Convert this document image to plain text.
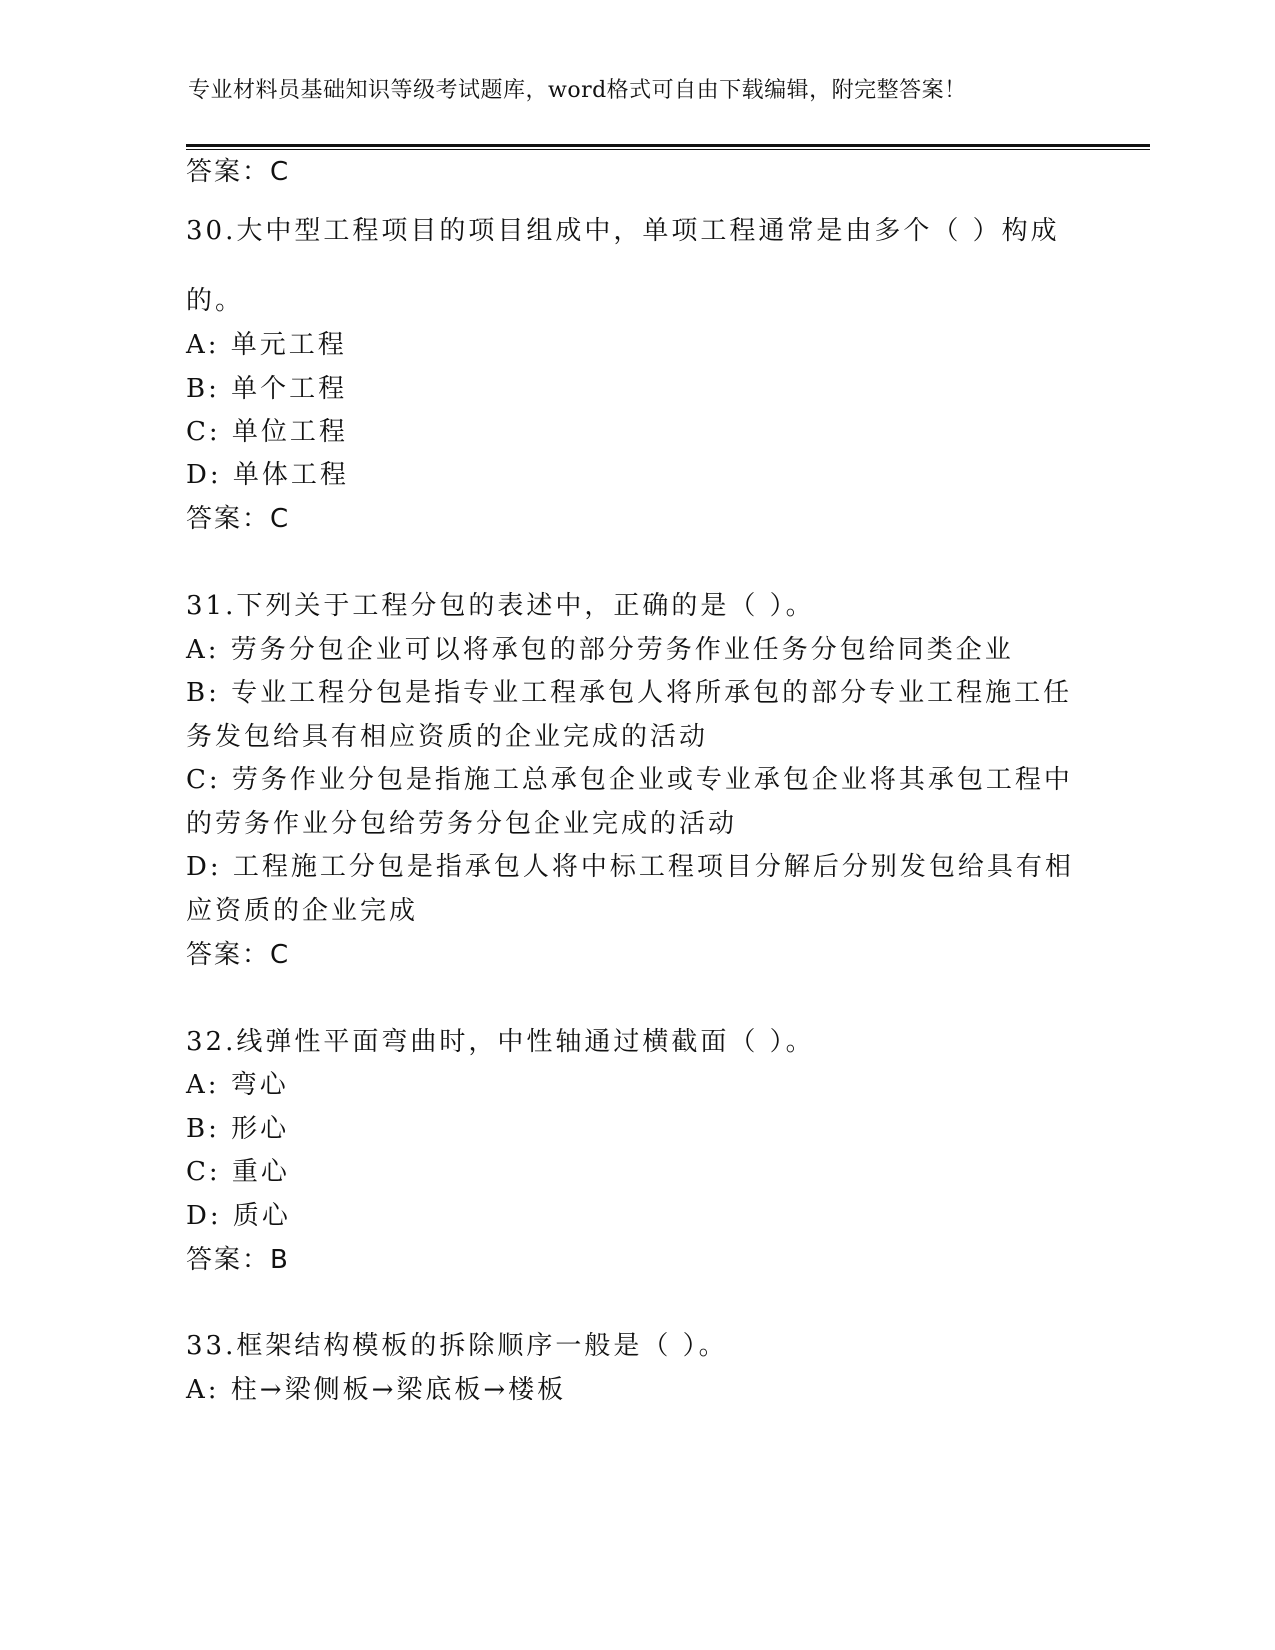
专业材料员基础知识等级考试题库，word格式可自由下载编辑，附完整答案！
答案：C
30.大中型工程项目的项目组成中，单项工程通常是由多个（ ）构成
的。
A: 单元工程
B: 单个工程
C: 单位工程
D: 单体工程
答案：C
31.下列关于工程分包的表述中，正确的是（ ）。
A: 劳务分包企业可以将承包的部分劳务作业任务分包给同类企业
B: 专业工程分包是指专业工程承包人将所承包的部分专业工程施工任
务发包给具有相应资质的企业完成的活动
C: 劳务作业分包是指施工总承包企业或专业承包企业将其承包工程中
的劳务作业分包给劳务分包企业完成的活动
D: 工程施工分包是指承包人将中标工程项目分解后分别发包给具有相
应资质的企业完成
答案：C
32.线弹性平面弯曲时，中性轴通过横截面（ ）。
A: 弯心
B: 形心
C: 重心
D: 质心
答案：B
33.框架结构模板的拆除顺序一般是（ ）。
A: 柱→梁侧板→梁底板→楼板
